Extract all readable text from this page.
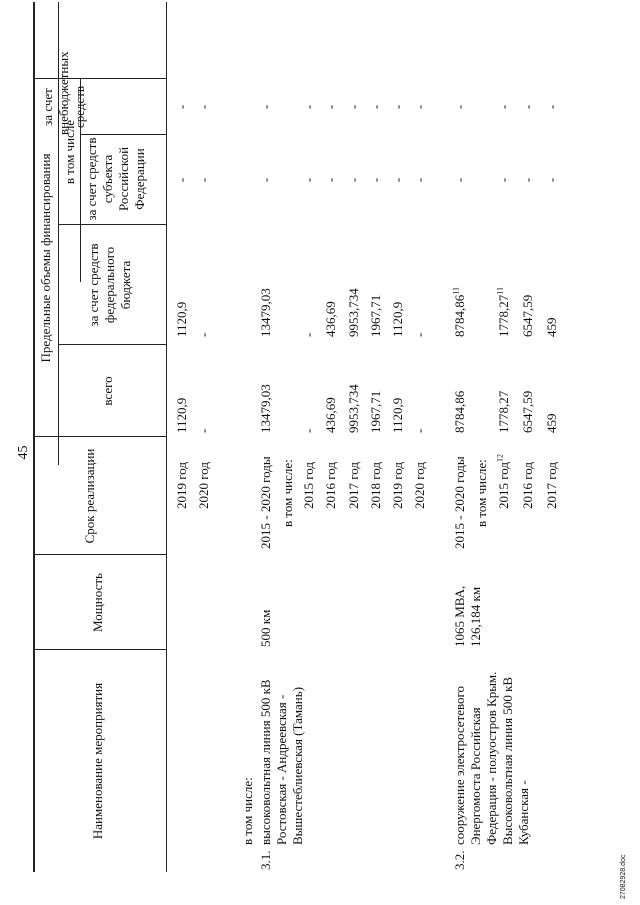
45
Наименование мероприятия
Мощность
Срок реализации
Предельные объемы финансирования
всего
в том числе
за счет средств федерального бюджета
за счет средств субъекта Российской Федерации
за счет внебюджетных средств
2019 год
1120,9
1120,9
-
-
2020 год
-
-
-
-
в том числе:
3.1.
высоковольтная линия 500 кВ Ростовская - Андреевская - Вышестеблиевская (Тамань)
500 км
2015 - 2020 годы
13479,03
13479,03
-
-
в том числе: 2015 год
-
-
-
-
2016 год
436,69
436,69
-
-
2017 год
9953,734
9953,734
-
-
2018 год
1967,71
1967,71
-
-
2019 год
1120,9
1120,9
-
-
2020 год
-
-
-
-
3.2.
сооружение электросетевого Энергомоста Российская Федерация - полуостров Крым. Высоковольтная линия 500 кВ Кубанская -
1065 МВА, 126,184 км
2015 - 2020 годы
8784,86
8784,86$^{11}$
-
-
в том числе: 2015 год$^{12}$
1778,27
1778,27$^{11}$
-
-
2016 год
6547,59
6547,59
-
-
2017 год
459
459
-
-
27082928.doc
